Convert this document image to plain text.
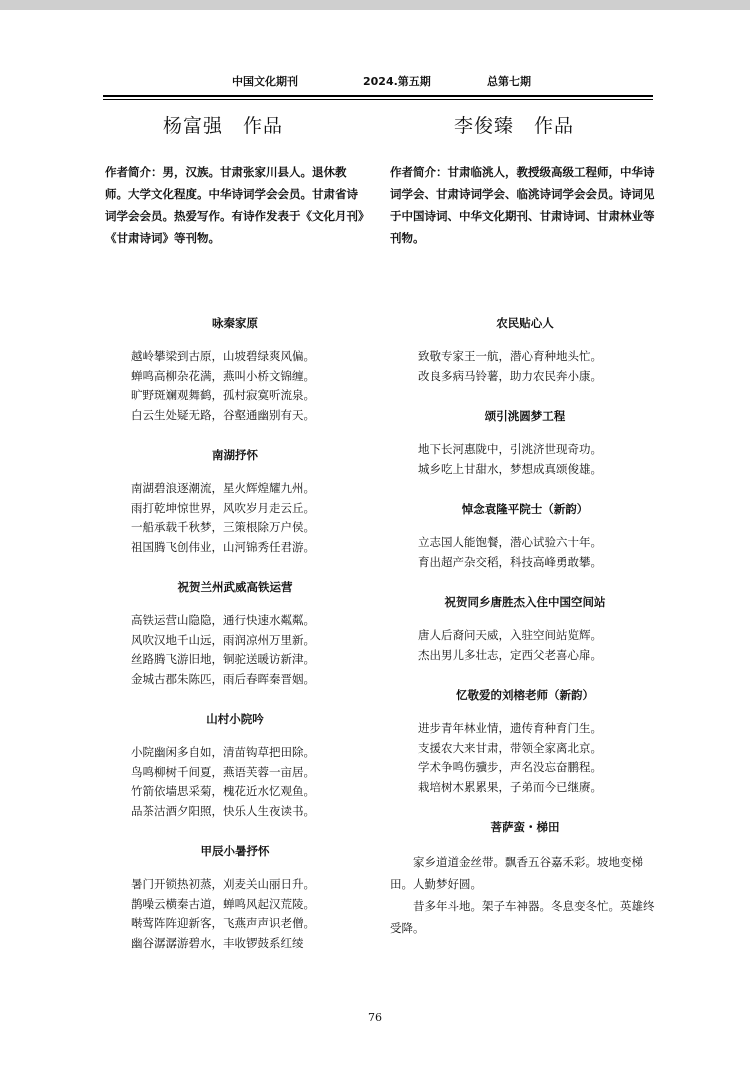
中国文化期刊	2024.第五期	总第七期
杨富强　作品
作者简介：男，汉族。甘肃张家川县人。退休教师。大学文化程度。中华诗词学会会员。甘肃省诗词学会会员。热爱写作。有诗作发表于《文化月刊》《甘肃诗词》等刊物。
咏秦家原
越岭攀梁到古原，山坡碧绿爽风偏。
蝉鸣高柳杂花满，燕叫小桥文锦缠。
旷野斑斓观舞鹤，孤村寂寞听流泉。
白云生处疑无路，谷壑通幽别有天。
南湖抒怀
南湖碧浪逐潮流，星火辉煌耀九州。
雨打乾坤惊世界，风吹岁月走云丘。
一船承载千秋梦，三策根除万户侯。
祖国腾飞创伟业，山河锦秀任君游。
祝贺兰州武威高铁运营
高铁运营山隐隐，通行快速水粼粼。
风吹汉地千山远，雨润凉州万里新。
丝路腾飞游旧地，铜驼送暖访新津。
金城古郡朱陈匹，雨后春晖秦晋姻。
山村小院吟
小院幽闲多自如，清苗钩草把田除。
鸟鸣柳树千间夏，燕语芙蓉一亩居。
竹箭依墙思采菊，槐花近水忆观鱼。
品茶沽酒夕阳照，快乐人生夜读书。
甲辰小暑抒怀
暑门开锁热初蒸，刈麦关山丽日升。
鹊噪云横秦古道，蝉鸣风起汉荒陵。
啭莺阵阵迎新客，飞燕声声识老僧。
幽谷潺潺游碧水，丰收锣鼓系红绫
李俊臻　作品
作者简介：甘肃临洮人，教授级高级工程师，中华诗词学会、甘肃诗词学会、临洮诗词学会会员。诗词见于中国诗词、中华文化期刊、甘肃诗词、甘肃林业等刊物。
农民贴心人
致敬专家王一航，潜心育种地头忙。
改良多病马铃薯，助力农民奔小康。
颂引洮圆梦工程
地下长河惠陇中，引洮济世现奇功。
城乡吃上甘甜水，梦想成真颂俊雄。
悼念袁隆平院士（新韵）
立志国人能饱餐，潜心试验六十年。
育出超产杂交稻，科技高峰勇敢攀。
祝贺同乡唐胜杰入住中国空间站
唐人后裔问天威，入驻空间站览辉。
杰出男儿多壮志，定西父老喜心扉。
忆敬爱的刘榕老师（新韵）
进步青年林业情，遗传育种育门生。
支援农大来甘肃，带领全家离北京。
学术争鸣伤骥步，声名没忘奋鹏程。
栽培树木累累果，子弟而今已继赓。
菩萨蛮・梯田
家乡道道金丝带。飘香五谷嘉禾彩。坡地变梯田。人勤梦好圆。
昔多年斗地。架子车神器。冬息变冬忙。英雄终受降。
76
